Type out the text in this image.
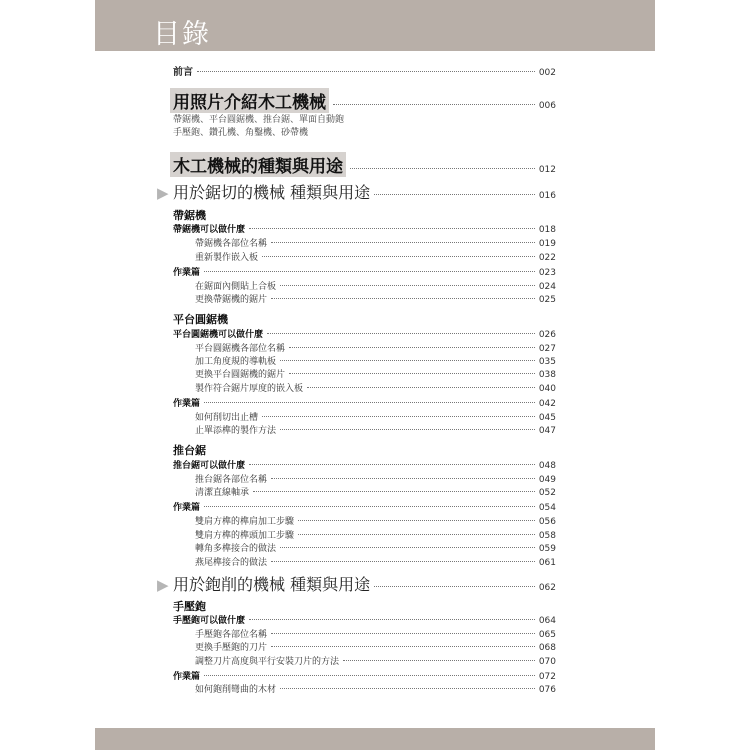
目錄
前言	002
用照片介紹木工機械	006
帶鋸機、平台圓鋸機、推台鋸、單面自動鉋
手壓鉋、鑽孔機、角鑿機、砂帶機
木工機械的種類與用途	012
▶ 用於鋸切的機械 種類與用途	016
帶鋸機
帶鋸機可以做什麼	018
帶鋸機各部位名稱	019
重新製作嵌入板	022
作業篇	023
在鋸面內側貼上合板	024
更換帶鋸機的鋸片	025
平台圓鋸機
平台圓鋸機可以做什麼	026
平台圓鋸機各部位名稱	027
加工角度規的導軌板	035
更換平台圓鋸機的鋸片	038
製作符合鋸片厚度的嵌入板	040
作業篇	042
如何削切出止槽	045
止單添榫的製作方法	047
推台鋸
推台鋸可以做什麼	048
推台鋸各部位名稱	049
清潔直線軸承	052
作業篇	054
雙肩方榫的榫肩加工步驟	056
雙肩方榫的榫頭加工步驟	058
轉角多榫接合的做法	059
燕尾榫接合的做法	061
▶ 用於鉋削的機械 種類與用途	062
手壓鉋
手壓鉋可以做什麼	064
手壓鉋各部位名稱	065
更換手壓鉋的刀片	068
調整刀片高度與平行安裝刀片的方法	070
作業篇	072
如何鉋削彎曲的木材	076
